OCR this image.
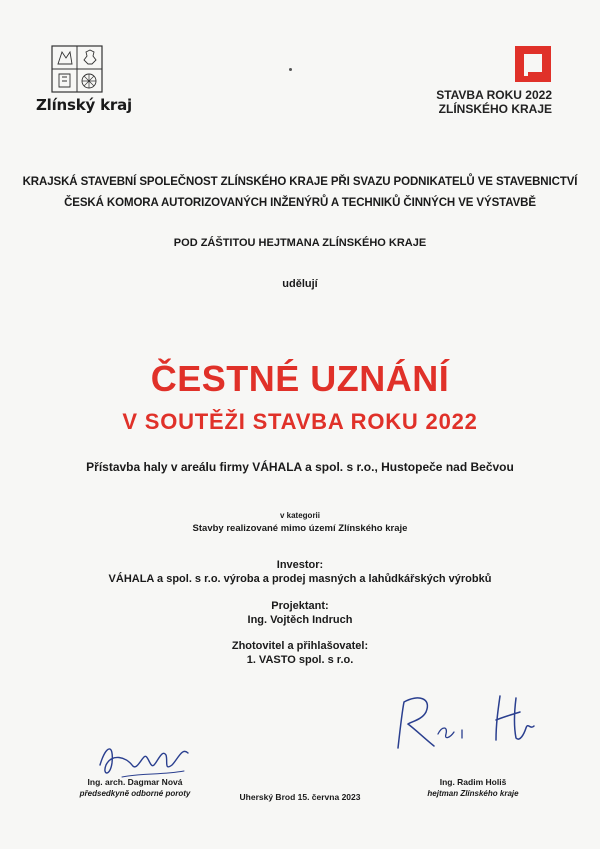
Zlínský kraj
STAVBA ROKU 2022
ZLÍNSKÉHO KRAJE
KRAJSKÁ STAVEBNÍ SPOLEČNOST ZLÍNSKÉHO KRAJE PŘI SVAZU PODNIKATELŮ VE STAVEBNICTVÍ
ČESKÁ KOMORA AUTORIZOVANÝCH INŽENÝRŮ A TECHNIKŮ ČINNÝCH VE VÝSTAVBĚ
POD ZÁŠTITOU HEJTMANA ZLÍNSKÉHO KRAJE
udělují
ČESTNÉ UZNÁNÍ
V SOUTĚŽI STAVBA ROKU 2022
Přístavba haly v areálu firmy VÁHALA a spol. s r.o., Hustopeče nad Bečvou
v kategorii
Stavby realizované mimo území Zlínského kraje
Investor:
VÁHALA a spol. s r.o. výroba a prodej masných a lahůdkářských výrobků
Projektant:
Ing. Vojtěch Indruch
Zhotovitel a přihlašovatel:
1. VASTO spol. s r.o.
Ing. arch. Dagmar Nová
předsedkyně odborné poroty	Uherský Brod 15. června 2023
Ing. Radim Holiš
hejtman Zlínského kraje
